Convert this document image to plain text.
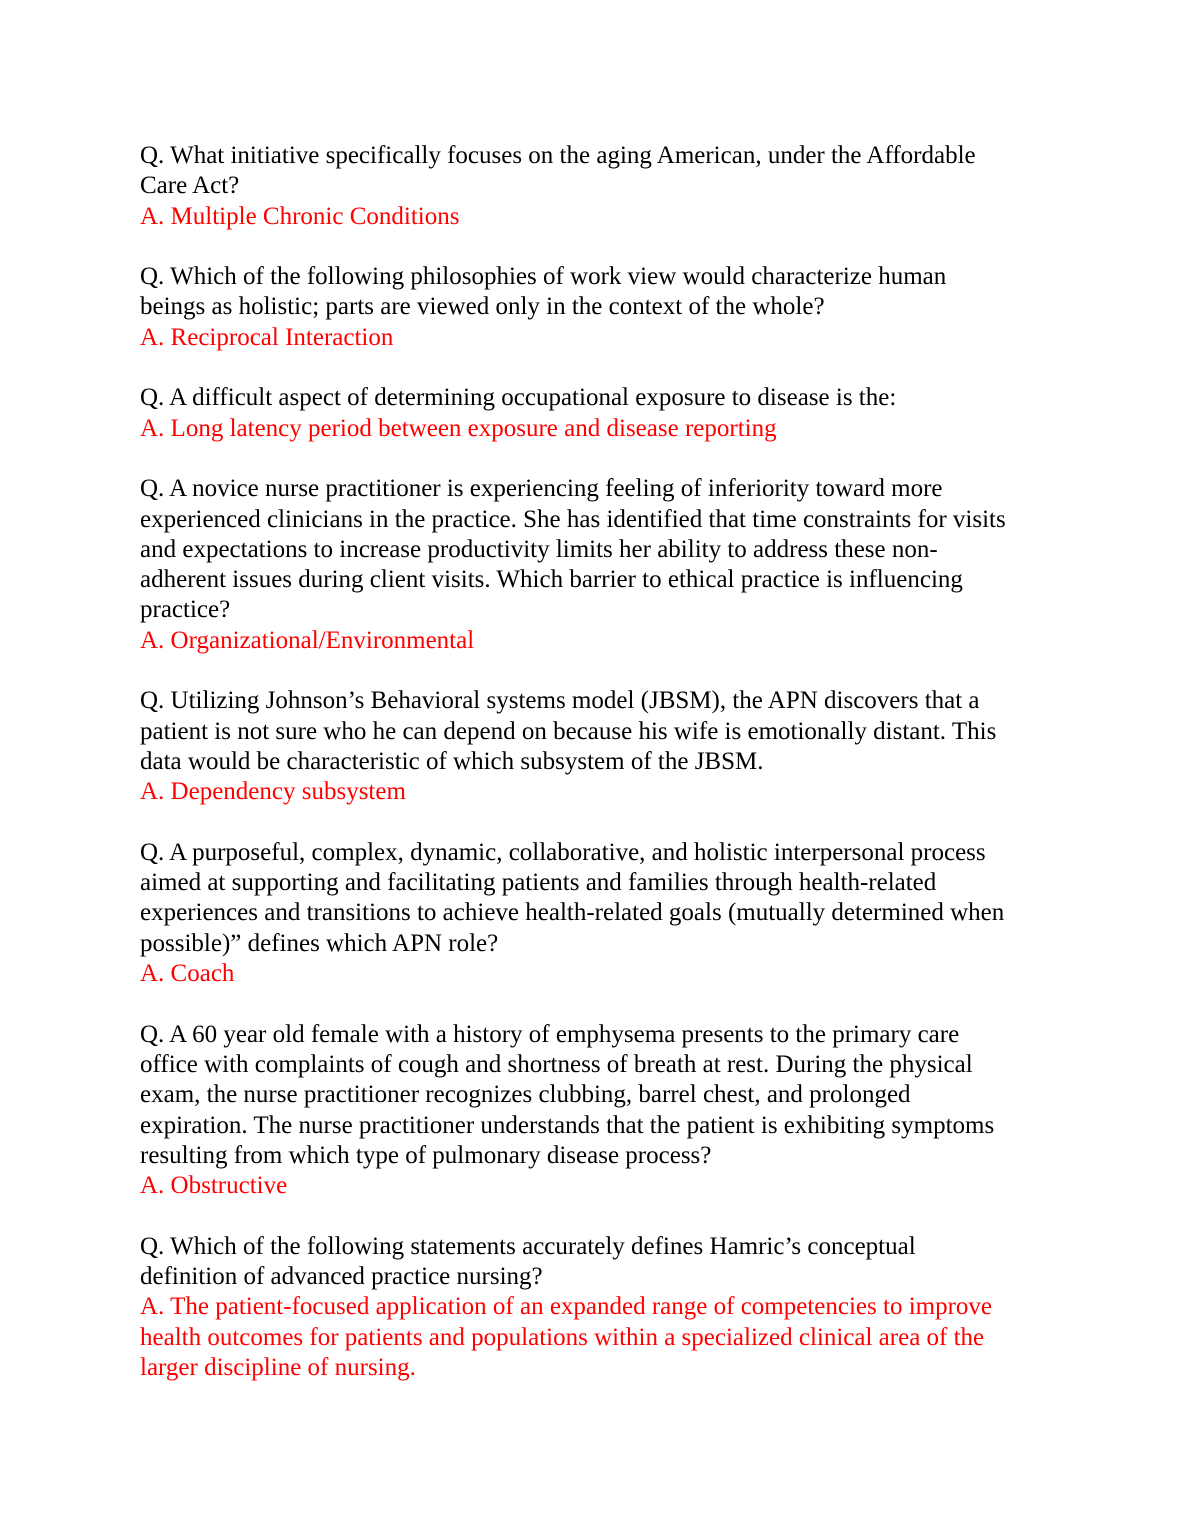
Q. What initiative specifically focuses on the aging American, under the Affordable
Care Act?
A. Multiple Chronic Conditions
Q. Which of the following philosophies of work view would characterize human
beings as holistic; parts are viewed only in the context of the whole?
A. Reciprocal Interaction
Q. A difficult aspect of determining occupational exposure to disease is the:
A. Long latency period between exposure and disease reporting
Q. A novice nurse practitioner is experiencing feeling of inferiority toward more
experienced clinicians in the practice. She has identified that time constraints for visits
and expectations to increase productivity limits her ability to address these non-
adherent issues during client visits. Which barrier to ethical practice is influencing
practice?
A. Organizational/Environmental
Q. Utilizing Johnson’s Behavioral systems model (JBSM), the APN discovers that a
patient is not sure who he can depend on because his wife is emotionally distant. This
data would be characteristic of which subsystem of the JBSM.
A. Dependency subsystem
Q. A purposeful, complex, dynamic, collaborative, and holistic interpersonal process
aimed at supporting and facilitating patients and families through health-related
experiences and transitions to achieve health-related goals (mutually determined when
possible)” defines which APN role?
A. Coach
Q. A 60 year old female with a history of emphysema presents to the primary care
office with complaints of cough and shortness of breath at rest. During the physical
exam, the nurse practitioner recognizes clubbing, barrel chest, and prolonged
expiration. The nurse practitioner understands that the patient is exhibiting symptoms
resulting from which type of pulmonary disease process?
A. Obstructive
Q. Which of the following statements accurately defines Hamric’s conceptual
definition of advanced practice nursing?
A. The patient-focused application of an expanded range of competencies to improve
health outcomes for patients and populations within a specialized clinical area of the
larger discipline of nursing.
